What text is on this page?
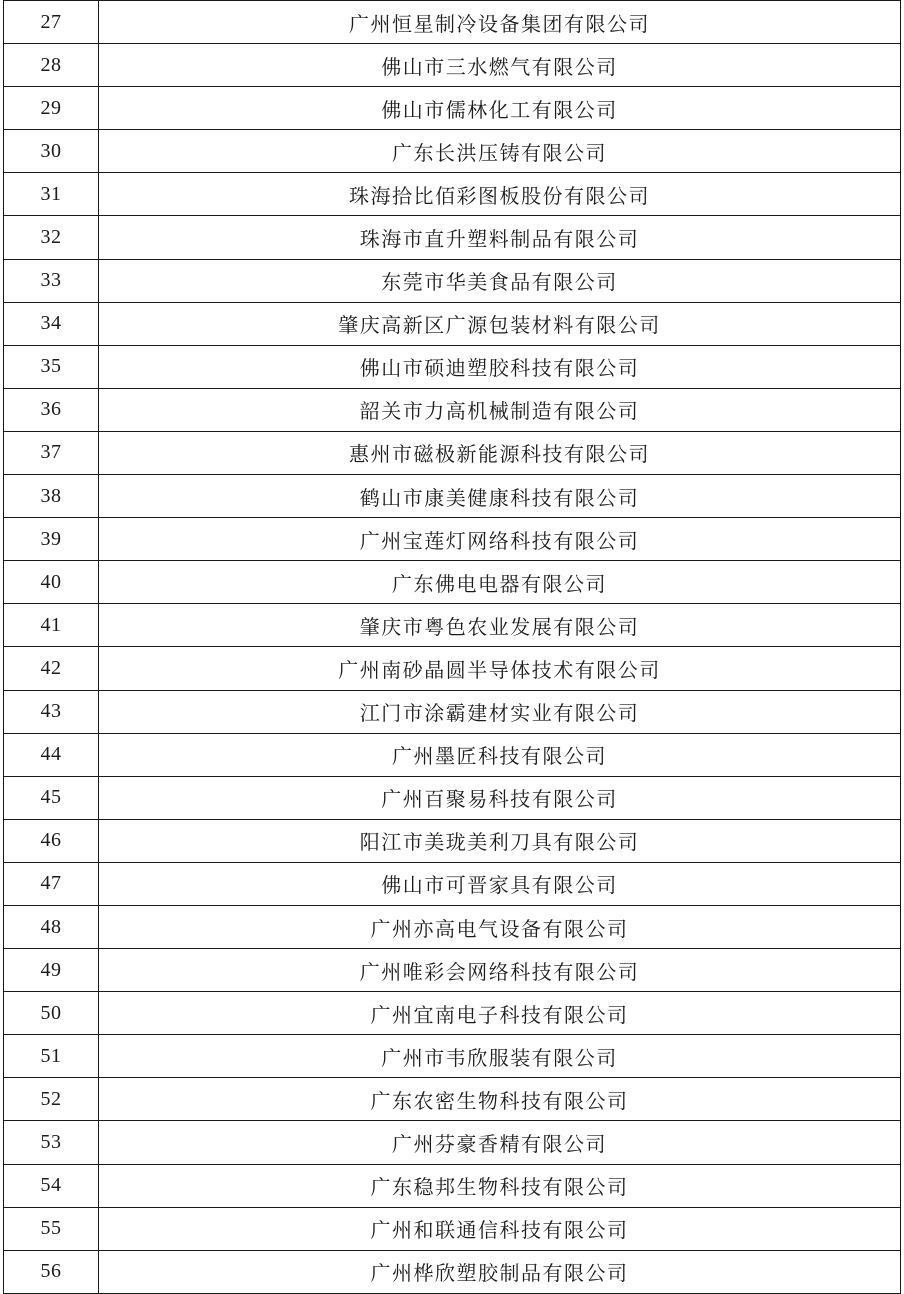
27	广州恒星制冷设备集团有限公司
28	佛山市三水燃气有限公司
29	佛山市儒林化工有限公司
30	广东长洪压铸有限公司
31	珠海拾比佰彩图板股份有限公司
32	珠海市直升塑料制品有限公司
33	东莞市华美食品有限公司
34	肇庆高新区广源包装材料有限公司
35	佛山市硕迪塑胶科技有限公司
36	韶关市力高机械制造有限公司
37	惠州市磁极新能源科技有限公司
38	鹤山市康美健康科技有限公司
39	广州宝莲灯网络科技有限公司
40	广东佛电电器有限公司
41	肇庆市粤色农业发展有限公司
42	广州南砂晶圆半导体技术有限公司
43	江门市涂霸建材实业有限公司
44	广州墨匠科技有限公司
45	广州百聚易科技有限公司
46	阳江市美珑美利刀具有限公司
47	佛山市可晋家具有限公司
48	广州亦高电气设备有限公司
49	广州唯彩会网络科技有限公司
50	广州宜南电子科技有限公司
51	广州市韦欣服装有限公司
52	广东农密生物科技有限公司
53	广州芬豪香精有限公司
54	广东稳邦生物科技有限公司
55	广州和联通信科技有限公司
56	广州桦欣塑胶制品有限公司
